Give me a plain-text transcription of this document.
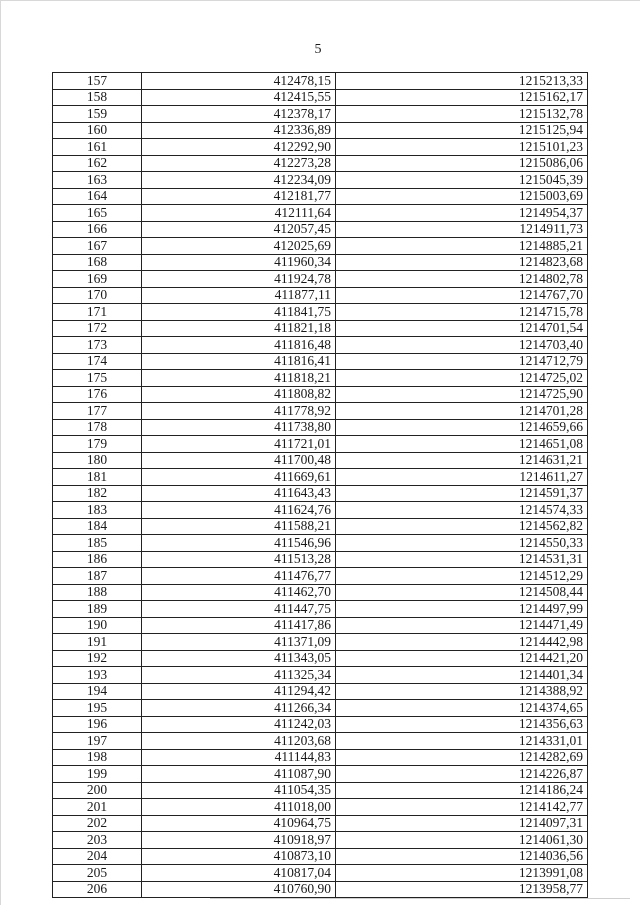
5
157	412478,15	1215213,33
158	412415,55	1215162,17
159	412378,17	1215132,78
160	412336,89	1215125,94
161	412292,90	1215101,23
162	412273,28	1215086,06
163	412234,09	1215045,39
164	412181,77	1215003,69
165	412111,64	1214954,37
166	412057,45	1214911,73
167	412025,69	1214885,21
168	411960,34	1214823,68
169	411924,78	1214802,78
170	411877,11	1214767,70
171	411841,75	1214715,78
172	411821,18	1214701,54
173	411816,48	1214703,40
174	411816,41	1214712,79
175	411818,21	1214725,02
176	411808,82	1214725,90
177	411778,92	1214701,28
178	411738,80	1214659,66
179	411721,01	1214651,08
180	411700,48	1214631,21
181	411669,61	1214611,27
182	411643,43	1214591,37
183	411624,76	1214574,33
184	411588,21	1214562,82
185	411546,96	1214550,33
186	411513,28	1214531,31
187	411476,77	1214512,29
188	411462,70	1214508,44
189	411447,75	1214497,99
190	411417,86	1214471,49
191	411371,09	1214442,98
192	411343,05	1214421,20
193	411325,34	1214401,34
194	411294,42	1214388,92
195	411266,34	1214374,65
196	411242,03	1214356,63
197	411203,68	1214331,01
198	411144,83	1214282,69
199	411087,90	1214226,87
200	411054,35	1214186,24
201	411018,00	1214142,77
202	410964,75	1214097,31
203	410918,97	1214061,30
204	410873,10	1214036,56
205	410817,04	1213991,08
206	410760,90	1213958,77
